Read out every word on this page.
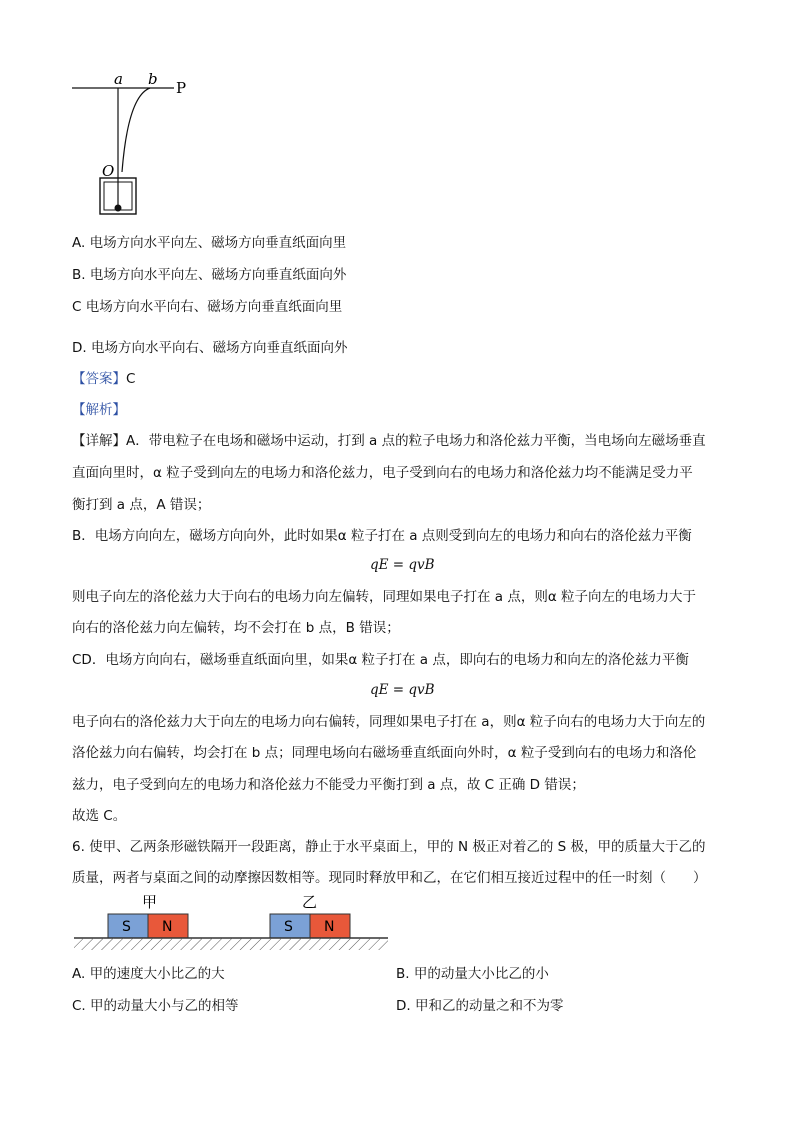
a b P
O
A. 电场方向水平向左、磁场方向垂直纸面向里
B. 电场方向水平向左、磁场方向垂直纸面向外
C 电场方向水平向右、磁场方向垂直纸面向里
D. 电场方向水平向右、磁场方向垂直纸面向外
【答案】C
【解析】
【详解】A．带电粒子在电场和磁场中运动，打到 a 点的粒子电场力和洛伦兹力平衡，当电场向左磁场垂直
直面向里时，α 粒子受到向左的电场力和洛伦兹力，电子受到向右的电场力和洛伦兹力均不能满足受力平
衡打到 a 点，A 错误；
B．电场方向向左，磁场方向向外，此时如果α 粒子打在 a 点则受到向左的电场力和向右的洛伦兹力平衡
qE = qvB
则电子向左的洛伦兹力大于向右的电场力向左偏转，同理如果电子打在 a 点，则α 粒子向左的电场力大于
向右的洛伦兹力向左偏转，均不会打在 b 点，B 错误；
CD．电场方向向右，磁场垂直纸面向里，如果α 粒子打在 a 点，即向右的电场力和向左的洛伦兹力平衡
qE = qvB
电子向右的洛伦兹力大于向左的电场力向右偏转，同理如果电子打在 a，则α 粒子向右的电场力大于向左的
洛伦兹力向右偏转，均会打在 b 点；同理电场向右磁场垂直纸面向外时，α 粒子受到向右的电场力和洛伦
兹力，电子受到向左的电场力和洛伦兹力不能受力平衡打到 a 点，故 C 正确 D 错误；
故选 C。
6. 使甲、乙两条形磁铁隔开一段距离，静止于水平桌面上，甲的 N 极正对着乙的 S 极，甲的质量大于乙的
质量，两者与桌面之间的动摩擦因数相等。现同时释放甲和乙，在它们相互接近过程中的任一时刻（　　）
甲	乙
S N	S N
A. 甲的速度大小比乙的大	B. 甲的动量大小比乙的小
C. 甲的动量大小与乙的相等	D. 甲和乙的动量之和不为零
